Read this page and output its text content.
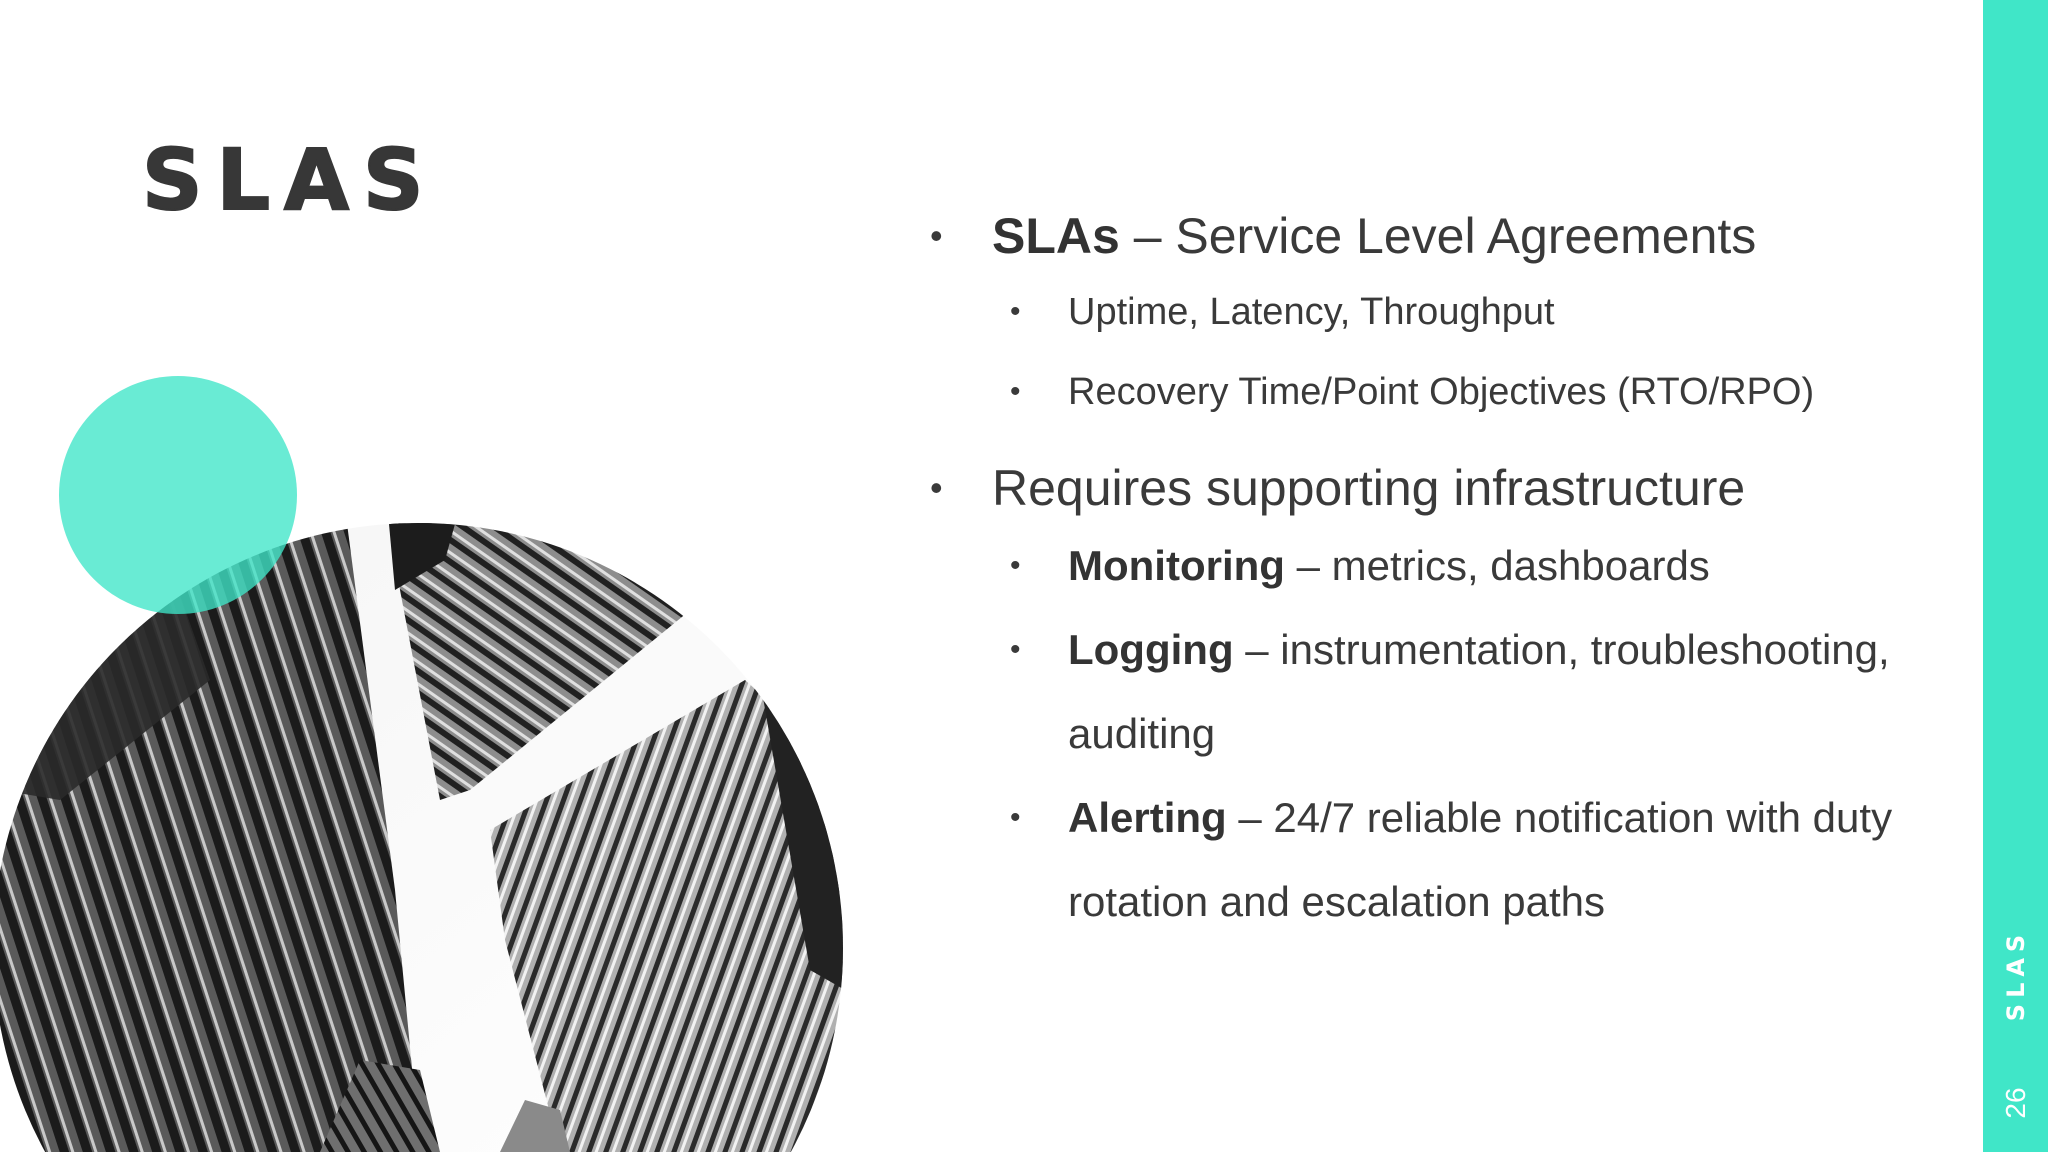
SLAS
• SLAs – Service Level Agreements
• Uptime, Latency, Throughput
• Recovery Time/Point Objectives (RTO/RPO)
• Requires supporting infrastructure
• Monitoring – metrics, dashboards
• Logging – instrumentation, troubleshooting, auditing
• Alerting – 24/7 reliable notification with duty rotation and escalation paths
SLAS
26
